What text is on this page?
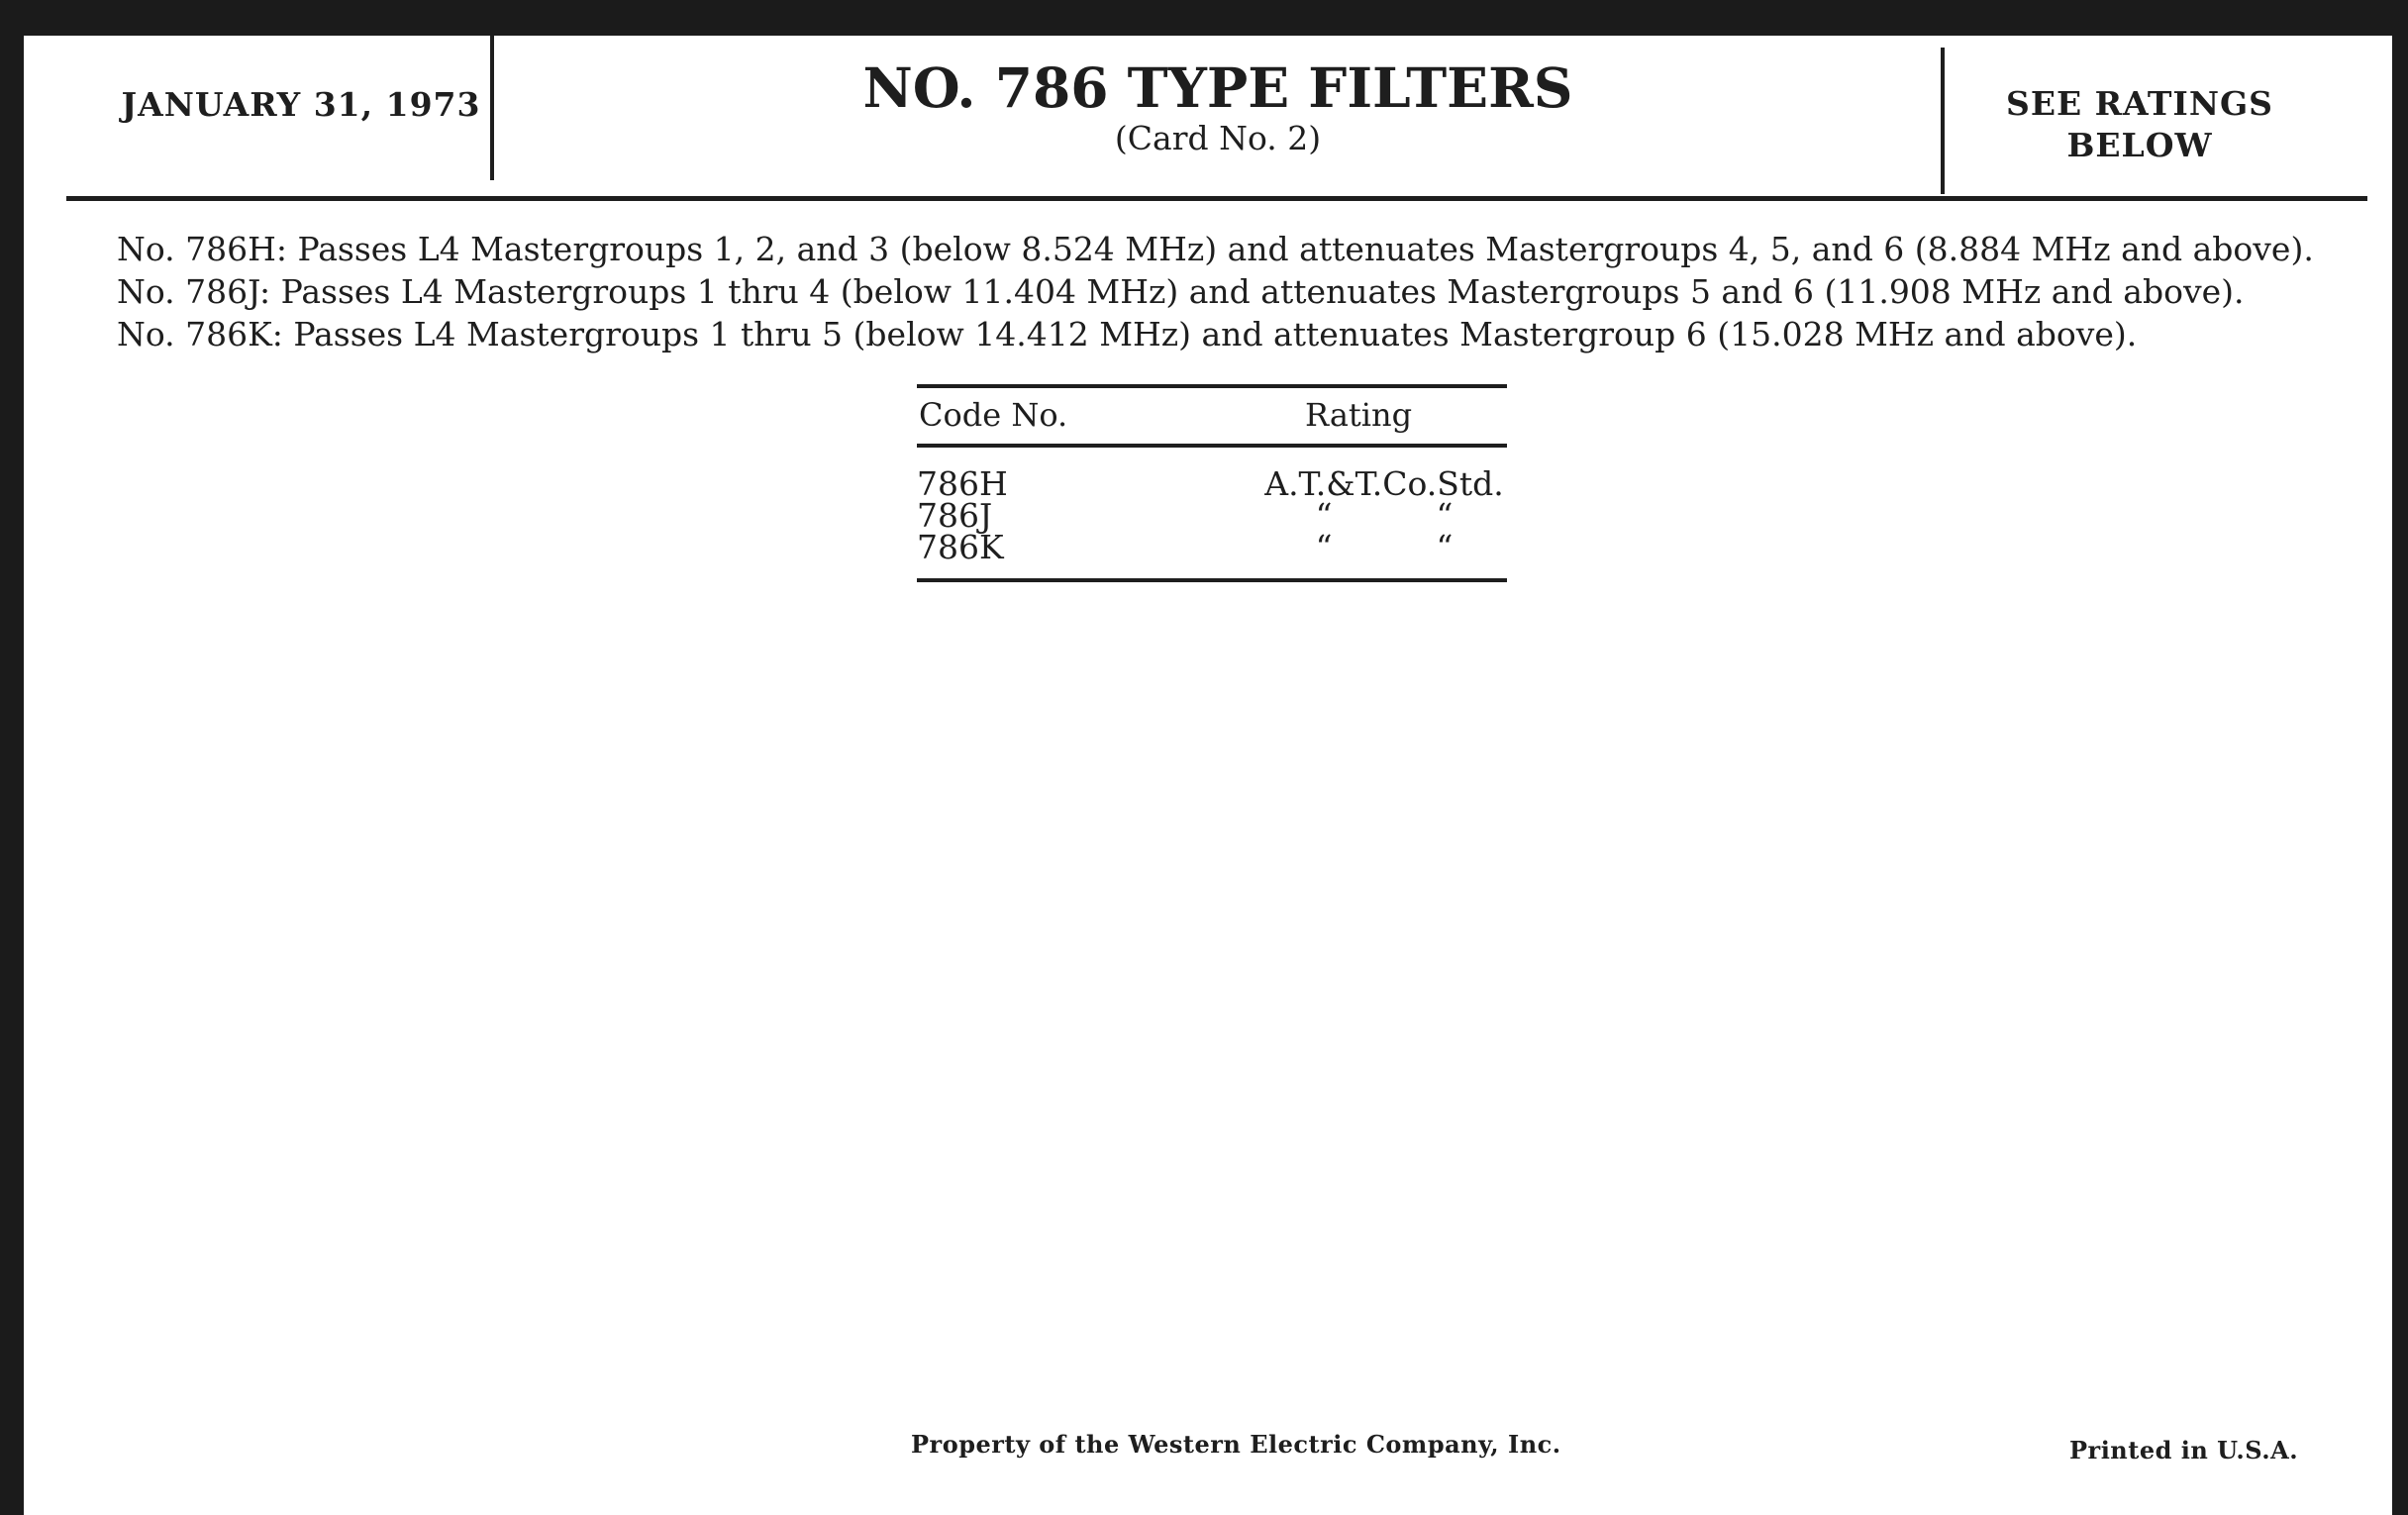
JANUARY 31, 1973	NO. 786 TYPE FILTERS
(Card No. 2)
SEE RATINGS
BELOW
No. 786H: Passes L4 Mastergroups 1, 2, and 3 (below 8.524 MHz) and attenuates Mastergroups 4, 5, and 6 (8.884 MHz and above).
No. 786J: Passes L4 Mastergroups 1 thru 4 (below 11.404 MHz) and attenuates Mastergroups 5 and 6 (11.908 MHz and above).
No. 786K: Passes L4 Mastergroups 1 thru 5 (below 14.412 MHz) and attenuates Mastergroup 6 (15.028 MHz and above).
Code No.	Rating
786H	A.T.&T.Co.Std.
786J	“          “
786K	“          “
Property of the Western Electric Company, Inc.	Printed in U.S.A.
